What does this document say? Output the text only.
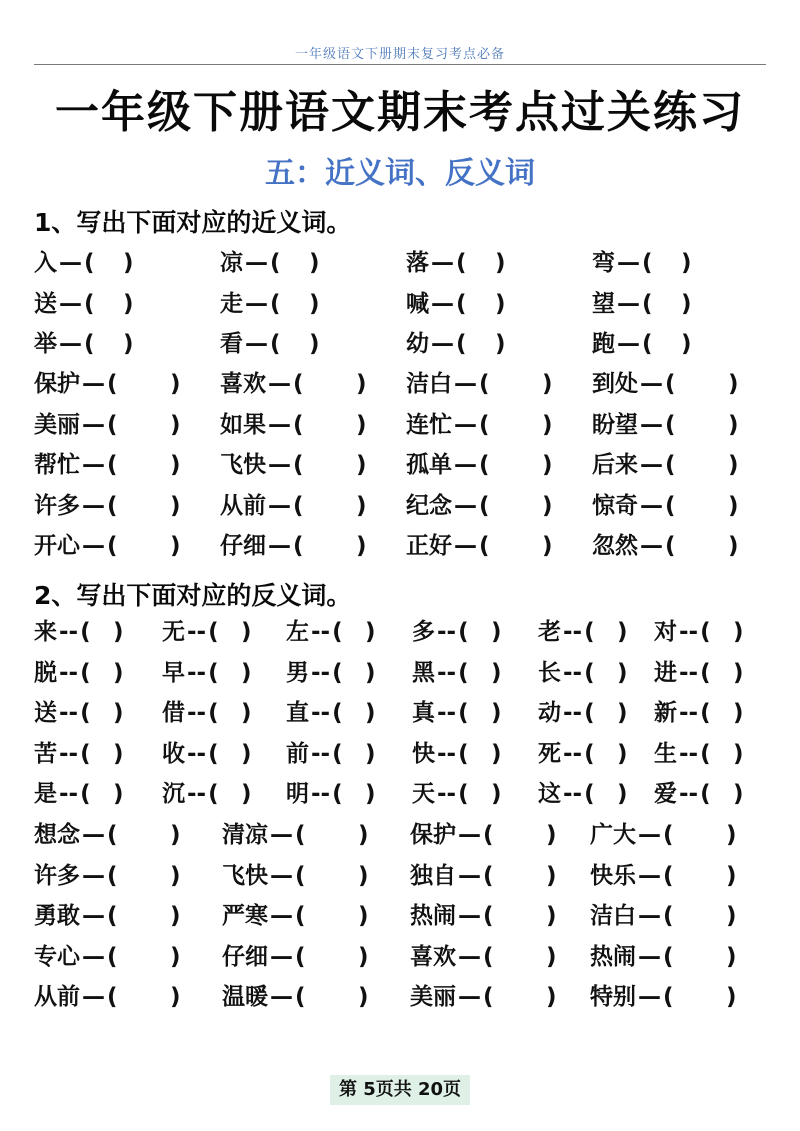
一年级语文下册期末复习考点必备
一年级下册语文期末考点过关练习
五：近义词、反义词
1、写出下面对应的近义词。
入—( )	凉—( )	落—( )	弯—( )
送—( )	走—( )	喊—( )	望—( )
举—( )	看—( )	幼—( )	跑—( )
保护—( ) 喜欢—( ) 洁白—( ) 到处—( )
美丽—( ) 如果—( ) 连忙—( ) 盼望—( )
帮忙—( ) 飞快—( ) 孤单—( ) 后来—( )
许多—( ) 从前—( ) 纪念—( ) 惊奇—( )
开心—( ) 仔细—( ) 正好—( ) 忽然—( )
2、写出下面对应的反义词。
来--( ) 无--( ) 左--( ) 多--( ) 老--( ) 对--( )
脱--( ) 早--( ) 男--( ) 黑--( ) 长--( ) 进--( )
送--( ) 借--( ) 直--( ) 真--( ) 动--( ) 新--( )
苦--( ) 收--( ) 前--( ) 快--( ) 死--( ) 生--( )
是--( ) 沉--( ) 明--( ) 天--( ) 这--( ) 爱--( )
想念—( ) 清凉—( ) 保护—( ) 广大—( )
许多—( ) 飞快—( ) 独自—( ) 快乐—( )
勇敢—( ) 严寒—( ) 热闹—( ) 洁白—( )
专心—( ) 仔细—( ) 喜欢—( ) 热闹—( )
从前—( ) 温暖—( ) 美丽—( ) 特别—( )
第 5页共 20页
